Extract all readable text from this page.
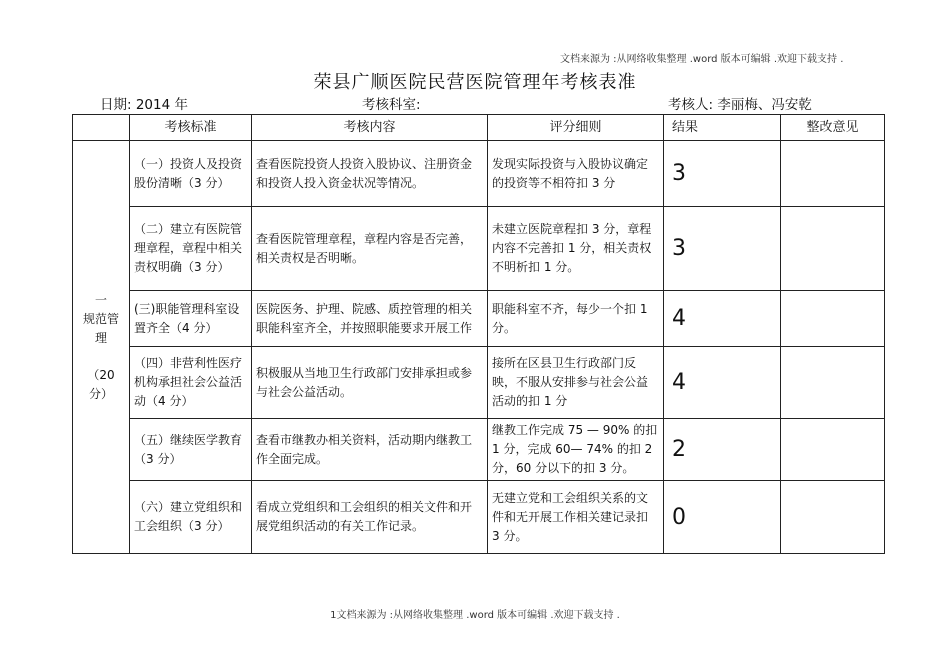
文档来源为 :从网络收集整理 .word 版本可编辑 .欢迎下载支持 .
荣县广顺医院民营医院管理年考核表准
日期: 2014 年	考核科室:	考核人: 李丽梅、冯安乾
	考核标准	考核内容	评分细则	结果	整改意见

一
规范管
理
（20
分）	（一）投资人及投资股份清晰（3 分）	查看医院投资人投资入股协议、注册资金和投资人投入资金状况等情况。	发现实际投资与入股协议确定的投资等不相符扣 3 分	3	
	（二）建立有医院管理章程，章程中相关责权明确（3 分）	查看医院管理章程，章程内容是否完善，相关责权是否明晰。	未建立医院章程扣 3 分，章程内容不完善扣 1 分，相关责权不明析扣 1 分。	3	
	(三)职能管理科室设置齐全（4 分）	医院医务、护理、院感、质控管理的相关职能科室齐全，并按照职能要求开展工作	职能科室不齐，每少一个扣 1 分。	4	
	（四）非营利性医疗机构承担社会公益活动（4 分）	积极服从当地卫生行政部门安排承担或参与社会公益活动。	接所在区县卫生行政部门反映，不服从安排参与社会公益活动的扣 1 分	4	
	（五）继续医学教育（3 分）	查看市继教办相关资料，活动期内继教工作全面完成。	继教工作完成 75 — 90% 的扣 1 分，完成 60— 74% 的扣 2 分，60 分以下的扣 3 分。	2	
	（六）建立党组织和工会组织（3 分）	看成立党组织和工会组织的相关文件和开展党组织活动的有关工作记录。	无建立党和工会组织关系的文件和无开展工作相关建记录扣 3 分。	0	
1文档来源为 :从网络收集整理 .word 版本可编辑 .欢迎下载支持 .
